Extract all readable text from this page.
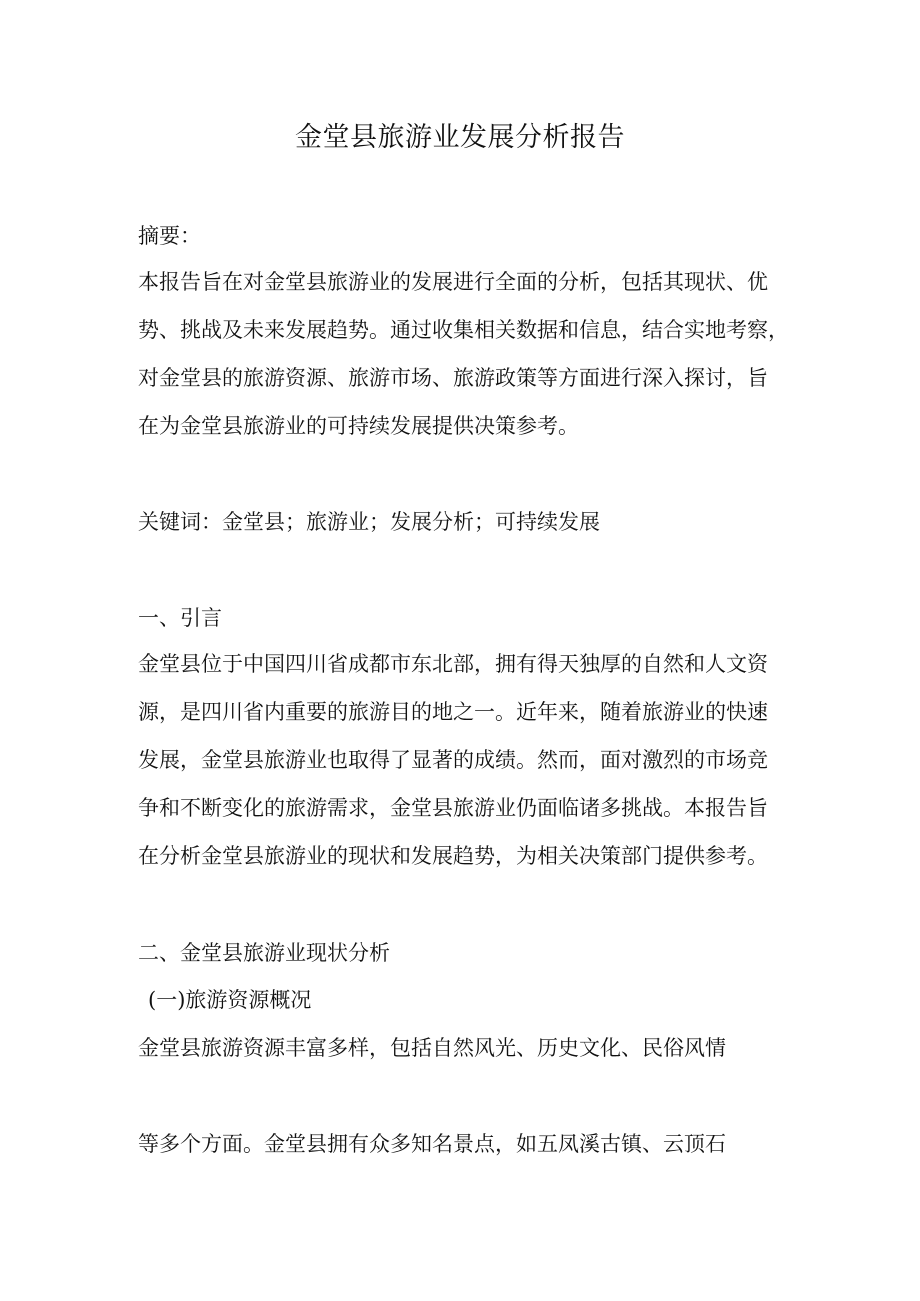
金堂县旅游业发展分析报告
摘要：
本报告旨在对金堂县旅游业的发展进行全面的分析，包括其现状、优
势、挑战及未来发展趋势。通过收集相关数据和信息，结合实地考察，
对金堂县的旅游资源、旅游市场、旅游政策等方面进行深入探讨，旨
在为金堂县旅游业的可持续发展提供决策参考。
关键词：金堂县；旅游业；发展分析；可持续发展
一、引言
金堂县位于中国四川省成都市东北部，拥有得天独厚的自然和人文资
源，是四川省内重要的旅游目的地之一。近年来，随着旅游业的快速
发展，金堂县旅游业也取得了显著的成绩。然而，面对激烈的市场竞
争和不断变化的旅游需求，金堂县旅游业仍面临诸多挑战。本报告旨
在分析金堂县旅游业的现状和发展趋势，为相关决策部门提供参考。
二、金堂县旅游业现状分析
(一)旅游资源概况
金堂县旅游资源丰富多样，包括自然风光、历史文化、民俗风情
等多个方面。金堂县拥有众多知名景点，如五凤溪古镇、云顶石
